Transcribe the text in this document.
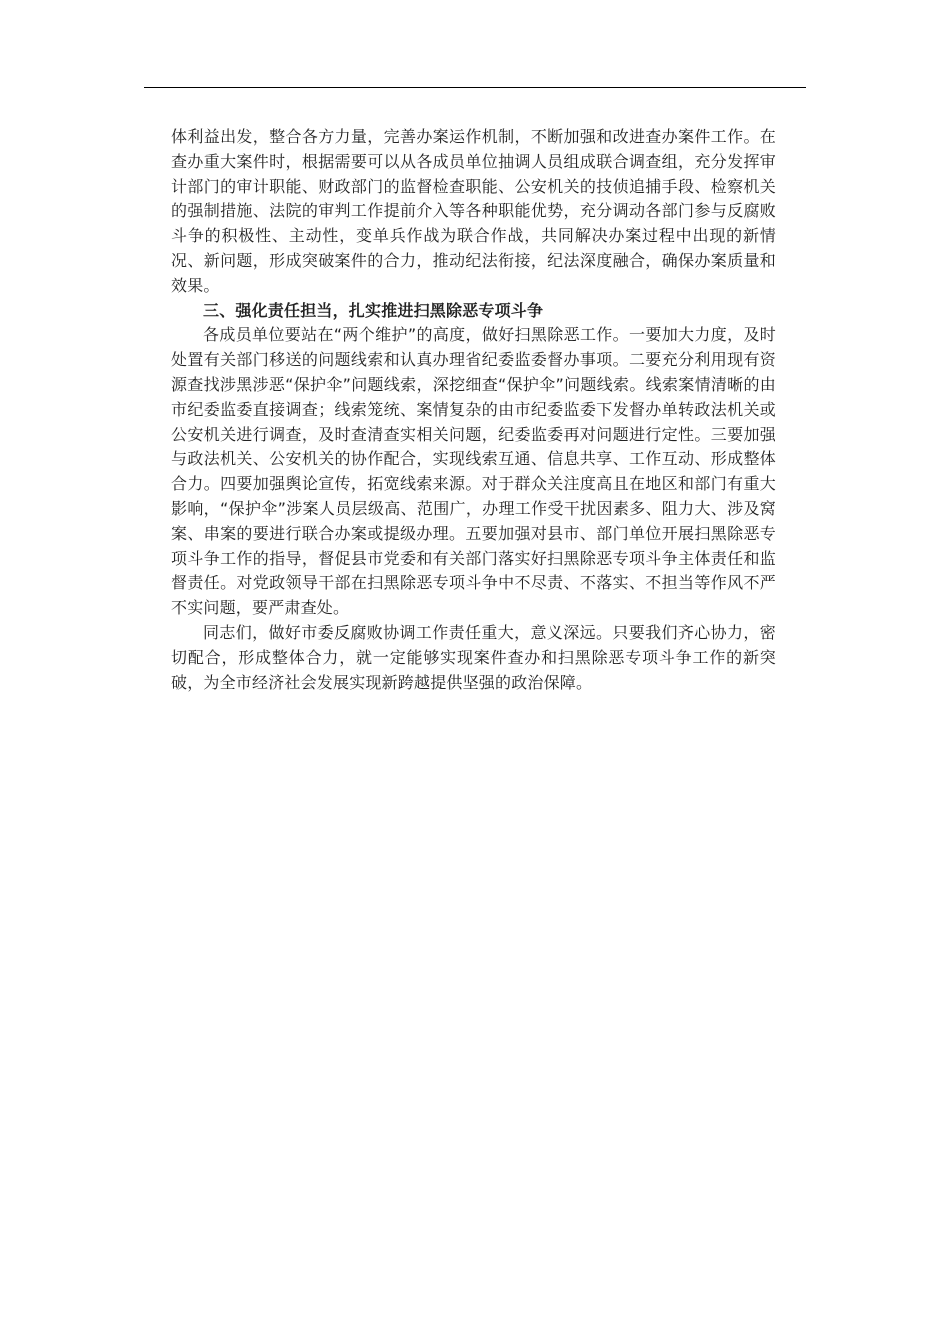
体利益出发，整合各方力量，完善办案运作机制，不断加强和改进查办案件工作。在查办重大案件时，根据需要可以从各成员单位抽调人员组成联合调查组，充分发挥审计部门的审计职能、财政部门的监督检查职能、公安机关的技侦追捕手段、检察机关的强制措施、法院的审判工作提前介入等各种职能优势，充分调动各部门参与反腐败斗争的积极性、主动性，变单兵作战为联合作战，共同解决办案过程中出现的新情况、新问题，形成突破案件的合力，推动纪法衔接，纪法深度融合，确保办案质量和效果。

三、强化责任担当，扎实推进扫黑除恶专项斗争

各成员单位要站在“两个维护”的高度，做好扫黑除恶工作。一要加大力度，及时处置有关部门移送的问题线索和认真办理省纪委监委督办事项。二要充分利用现有资源查找涉黑涉恶“保护伞”问题线索，深挖细查“保护伞”问题线索。线索案情清晰的由市纪委监委直接调查；线索笼统、案情复杂的由市纪委监委下发督办单转政法机关或公安机关进行调查，及时查清查实相关问题，纪委监委再对问题进行定性。三要加强与政法机关、公安机关的协作配合，实现线索互通、信息共享、工作互动、形成整体合力。四要加强舆论宣传，拓宽线索来源。对于群众关注度高且在地区和部门有重大影响，“保护伞”涉案人员层级高、范围广，办理工作受干扰因素多、阻力大、涉及窝案、串案的要进行联合办案或提级办理。五要加强对县市、部门单位开展扫黑除恶专项斗争工作的指导，督促县市党委和有关部门落实好扫黑除恶专项斗争主体责任和监督责任。对党政领导干部在扫黑除恶专项斗争中不尽责、不落实、不担当等作风不严不实问题，要严肃查处。

同志们，做好市委反腐败协调工作责任重大，意义深远。只要我们齐心协力，密切配合，形成整体合力，就一定能够实现案件查办和扫黑除恶专项斗争工作的新突破，为全市经济社会发展实现新跨越提供坚强的政治保障。
